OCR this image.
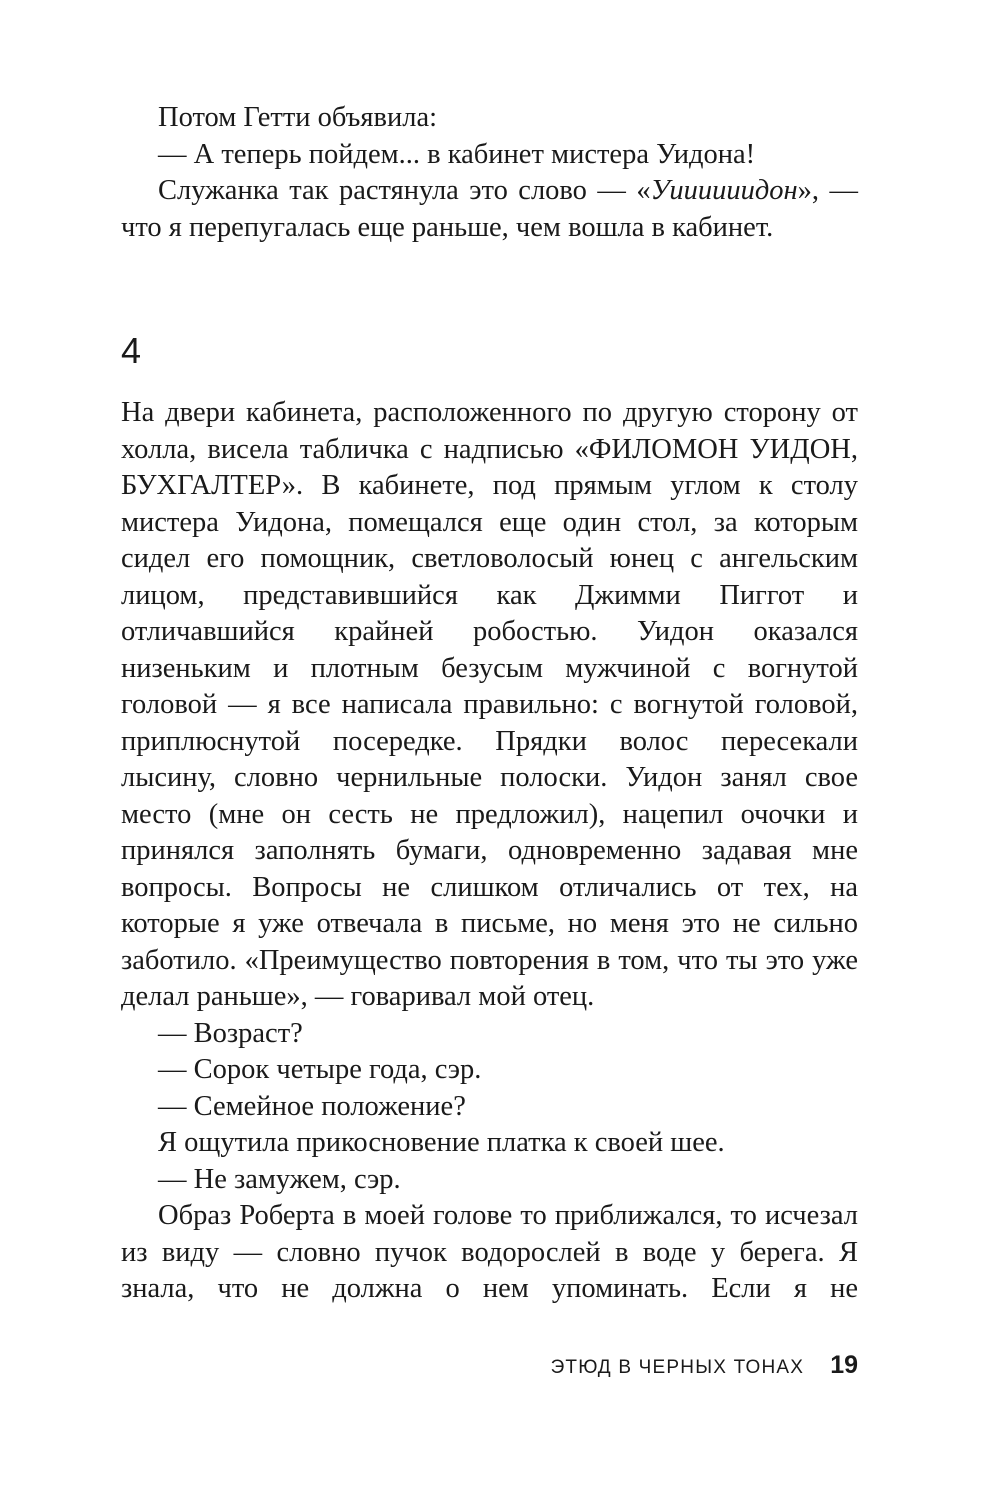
Потом Гетти объявила:

— А теперь пойдем... в кабинет мистера Уидона!

Служанка так растянула это слово — «Уиииииидон», — что я перепугалась еще раньше, чем вошла в кабинет.

4

На двери кабинета, расположенного по другую сторону от холла, висела табличка с надписью «ФИЛОМОН УИДОН, БУХГАЛТЕР». В кабинете, под прямым углом к столу мистера Уидона, помещался еще один стол, за которым сидел его помощник, светловолосый юнец с ангельским лицом, представившийся как Джимми Пиггот и отличавшийся крайней робостью. Уидон оказался низеньким и плотным безусым мужчиной с вогнутой головой — я все написала правильно: с вогнутой головой, приплюснутой посередке. Прядки волос пересекали лысину, словно чернильные полоски. Уидон занял свое место (мне он сесть не предложил), нацепил очочки и принялся заполнять бумаги, одновременно задавая мне вопросы. Вопросы не слишком отличались от тех, на которые я уже отвечала в письме, но меня это не сильно заботило. «Преимущество повторения в том, что ты это уже делал раньше», — говаривал мой отец.

— Возраст?

— Сорок четыре года, сэр.

— Семейное положение?

Я ощутила прикосновение платка к своей шее.

— Не замужем, сэр.

Образ Роберта в моей голове то приближался, то исчезал из виду — словно пучок водорослей в воде у берега. Я знала, что не должна о нем упоминать. Если я не

ЭТЮД В ЧЕРНЫХ ТОНАХ 19
